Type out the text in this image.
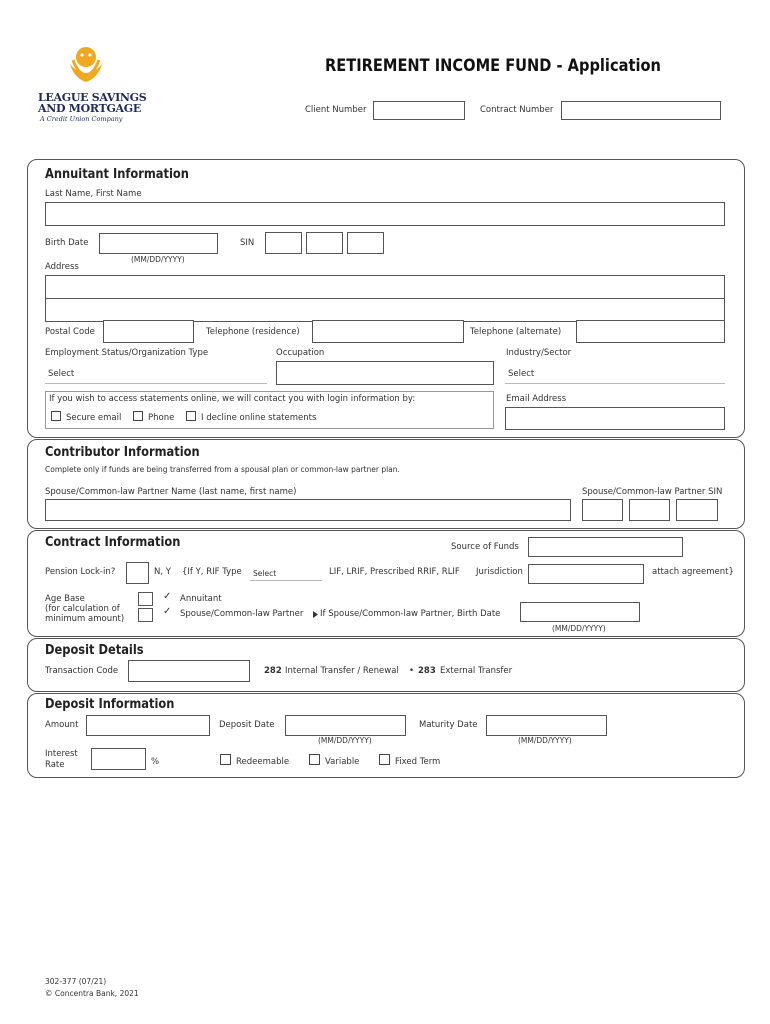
LEAGUE SAVINGS
AND MORTGAGE
A Credit Union Company
RETIREMENT INCOME FUND - Application
Client Number	Contract Number
Annuitant Information
Last Name, First Name
Birth Date
(MM/DD/YYYY)
SIN
Address
Postal Code	Telephone (residence)	Telephone (alternate)
Employment Status/Organization Type
Select
Occupation	Industry/Sector
Select
If you wish to access statements online, we will contact you with login information by:
Secure email	Phone	I decline online statements
Email Address
Contributor Information
Complete only if funds are being transferred from a spousal plan or common-law partner plan.
Spouse/Common-law Partner Name (last name, first name)	Spouse/Common-law Partner SIN
Contract Information	Source of Funds
Pension Lock-in?	N, Y {If Y, RIF Type Select	LIF, LRIF, Prescribed RRIF, RLIF Jurisdiction	attach agreement}
Age Base
(for calculation of
minimum amount)
✓ Annuitant
✓ Spouse/Common-law Partner If Spouse/Common-law Partner, Birth Date
(MM/DD/YYYY)
Deposit Details
Transaction Code	282 Internal Transfer / Renewal • 283 External Transfer
Deposit Information
Amount	Deposit Date
(MM/DD/YYYY)
Maturity Date
(MM/DD/YYYY)
Interest
Rate	%	Redeemable	Variable	Fixed Term
302-377 (07/21)
© Concentra Bank, 2021
